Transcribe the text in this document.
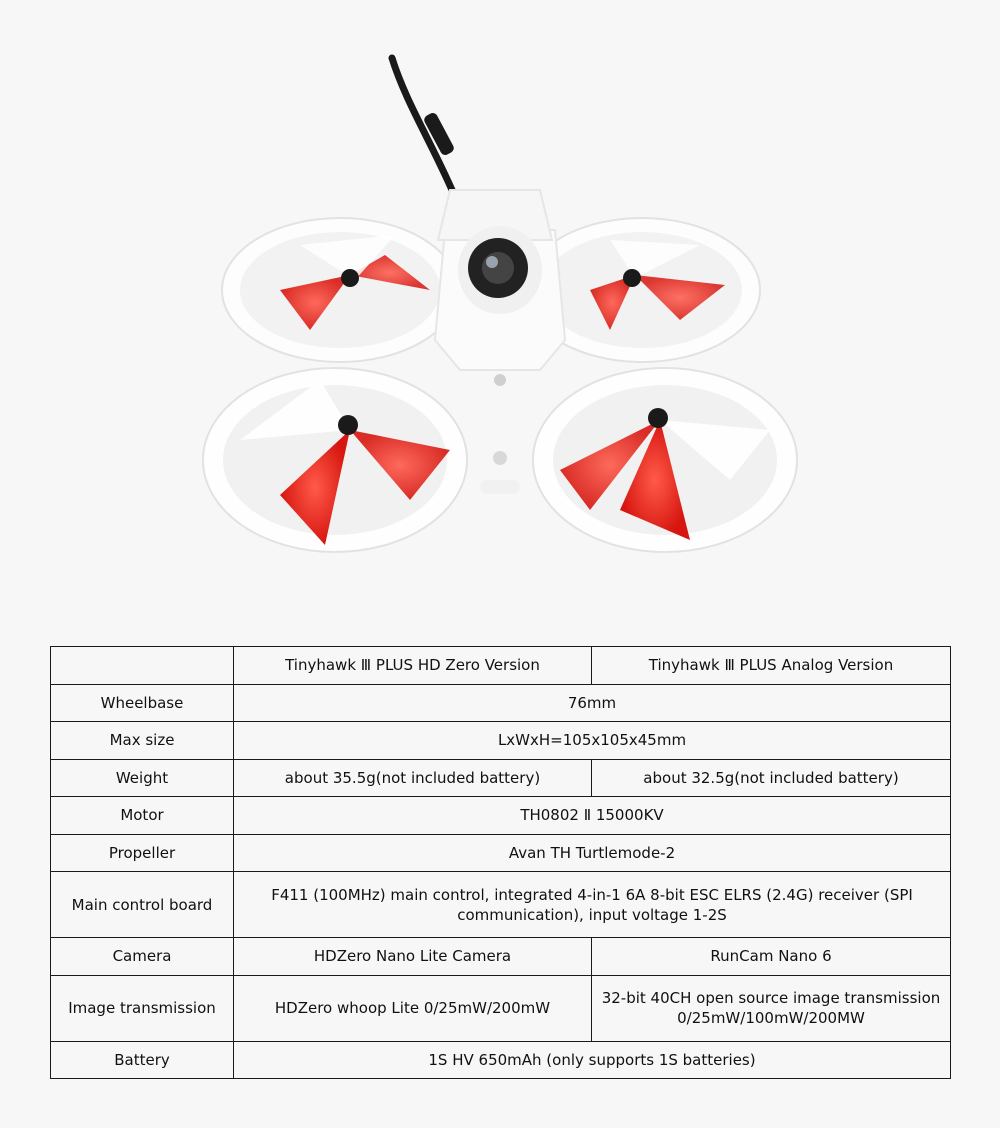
	Tinyhawk Ⅲ PLUS HD Zero Version	Tinyhawk Ⅲ PLUS Analog Version
Wheelbase	76mm	
Max size	LxWxH=105x105x45mm	
Weight	about 35.5g(not included battery)	about 32.5g(not included battery)
Motor	TH0802 Ⅱ 15000KV	
Propeller	Avan TH Turtlemode-2	
Main control board	F411 (100MHz) main control, integrated 4-in-1 6A 8-bit ESC ELRS (2.4G) receiver (SPI communication), input voltage 1-2S	
Camera	HDZero Nano Lite Camera	RunCam Nano 6
Image transmission	HDZero whoop Lite 0/25mW/200mW	32-bit 40CH open source image transmission 0/25mW/100mW/200MW
Battery	1S HV 650mAh (only supports 1S batteries)	
